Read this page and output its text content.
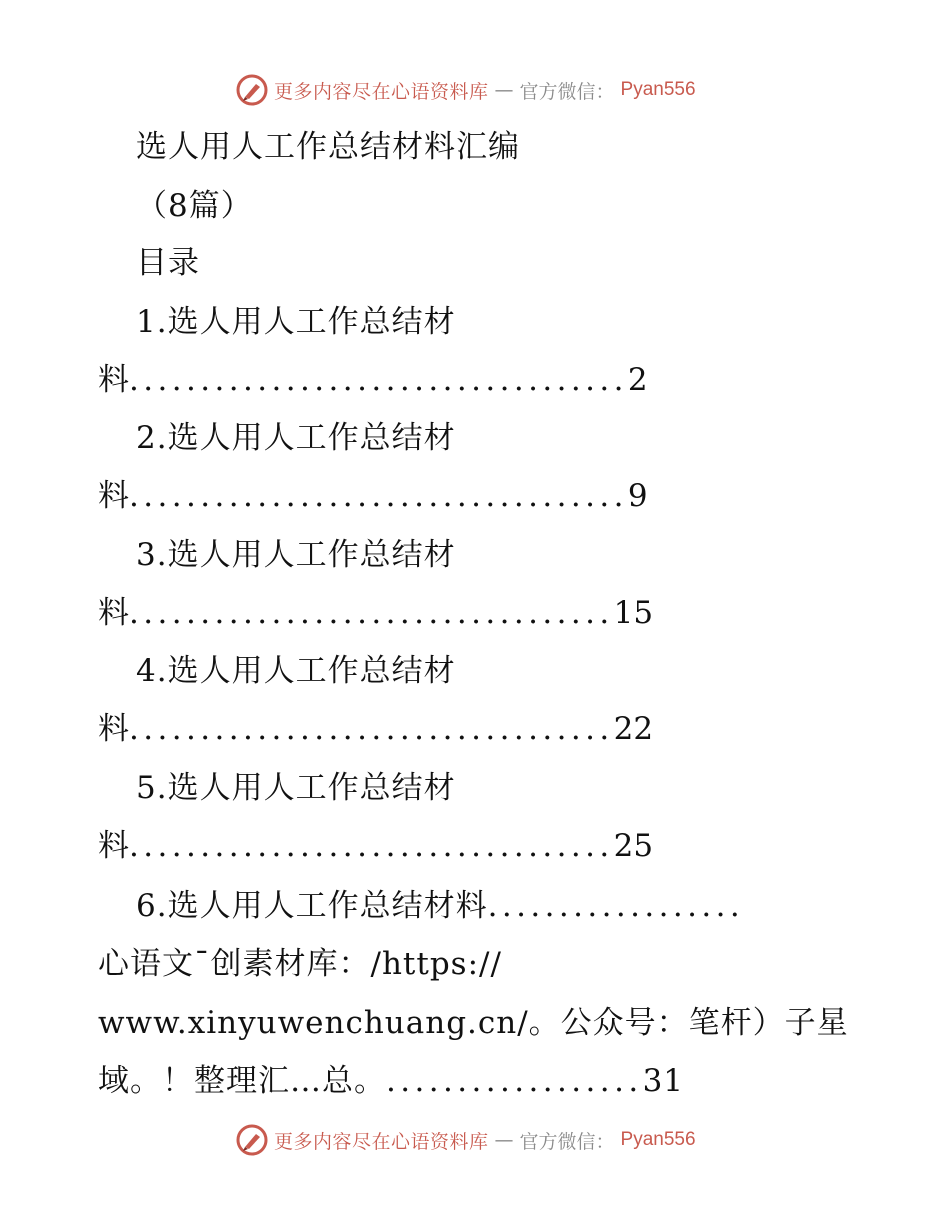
更多内容尽在心语资料库 — 官方微信： Pyan556
选人用人工作总结材料汇编
（8篇）
目录
1.选人用人工作总结材
料...................................2
2.选人用人工作总结材
料...................................9
3.选人用人工作总结材
料..................................15
4.选人用人工作总结材
料..................................22
5.选人用人工作总结材
料..................................25
6.选人用人工作总结材料..................
心语文¯创素材库：/https://
www.xinyuwenchuang.cn/。公众号：笔杆）子星
域。！整理汇…总。..................31
更多内容尽在心语资料库 — 官方微信： Pyan556
